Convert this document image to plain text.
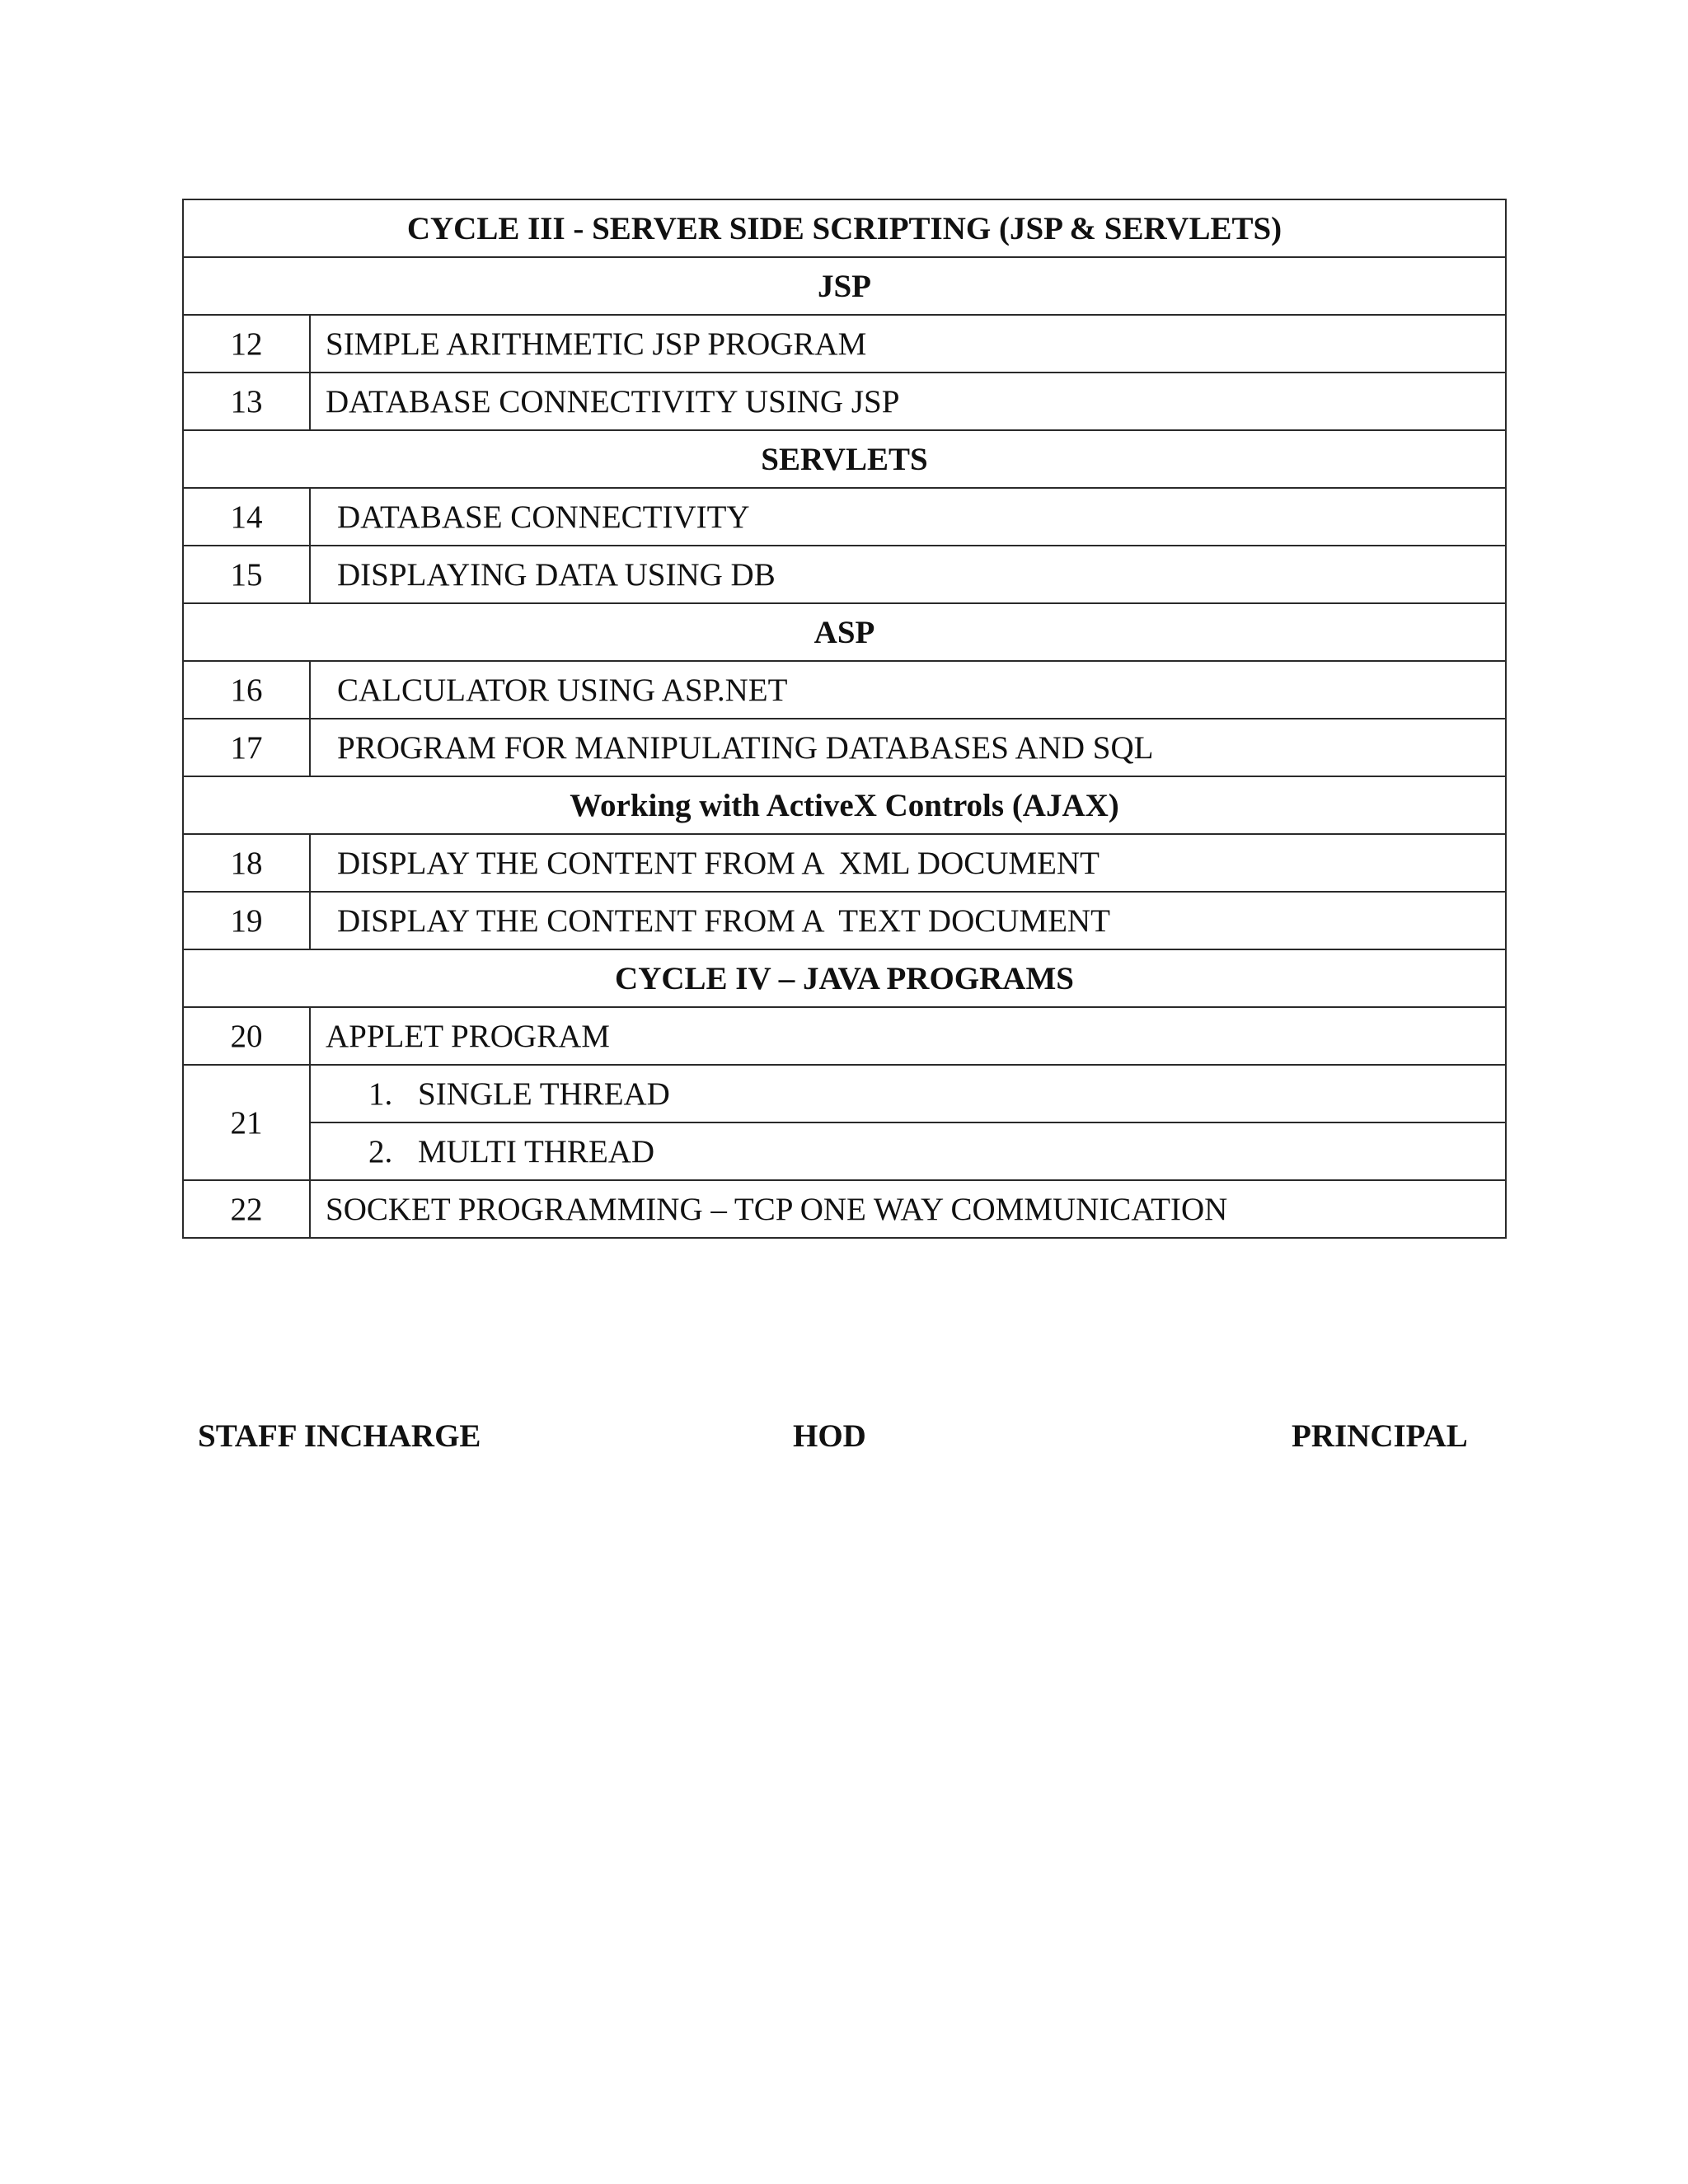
CYCLE III - SERVER SIDE SCRIPTING (JSP & SERVLETS)	
JSP	
12	SIMPLE ARITHMETIC JSP PROGRAM
13	DATABASE CONNECTIVITY USING JSP
SERVLETS	
14	DATABASE CONNECTIVITY
15	DISPLAYING DATA USING DB
ASP	
16	CALCULATOR USING ASP.NET
17	PROGRAM FOR MANIPULATING DATABASES AND SQL
Working with ActiveX Controls (AJAX)	
18	DISPLAY THE CONTENT FROM A  XML DOCUMENT
19	DISPLAY THE CONTENT FROM A  TEXT DOCUMENT
CYCLE IV – JAVA PROGRAMS	
20	APPLET PROGRAM
21	1. SINGLE THREAD
	2. MULTI THREAD
22	SOCKET PROGRAMMING – TCP ONE WAY COMMUNICATION
STAFF INCHARGE	HOD	PRINCIPAL
